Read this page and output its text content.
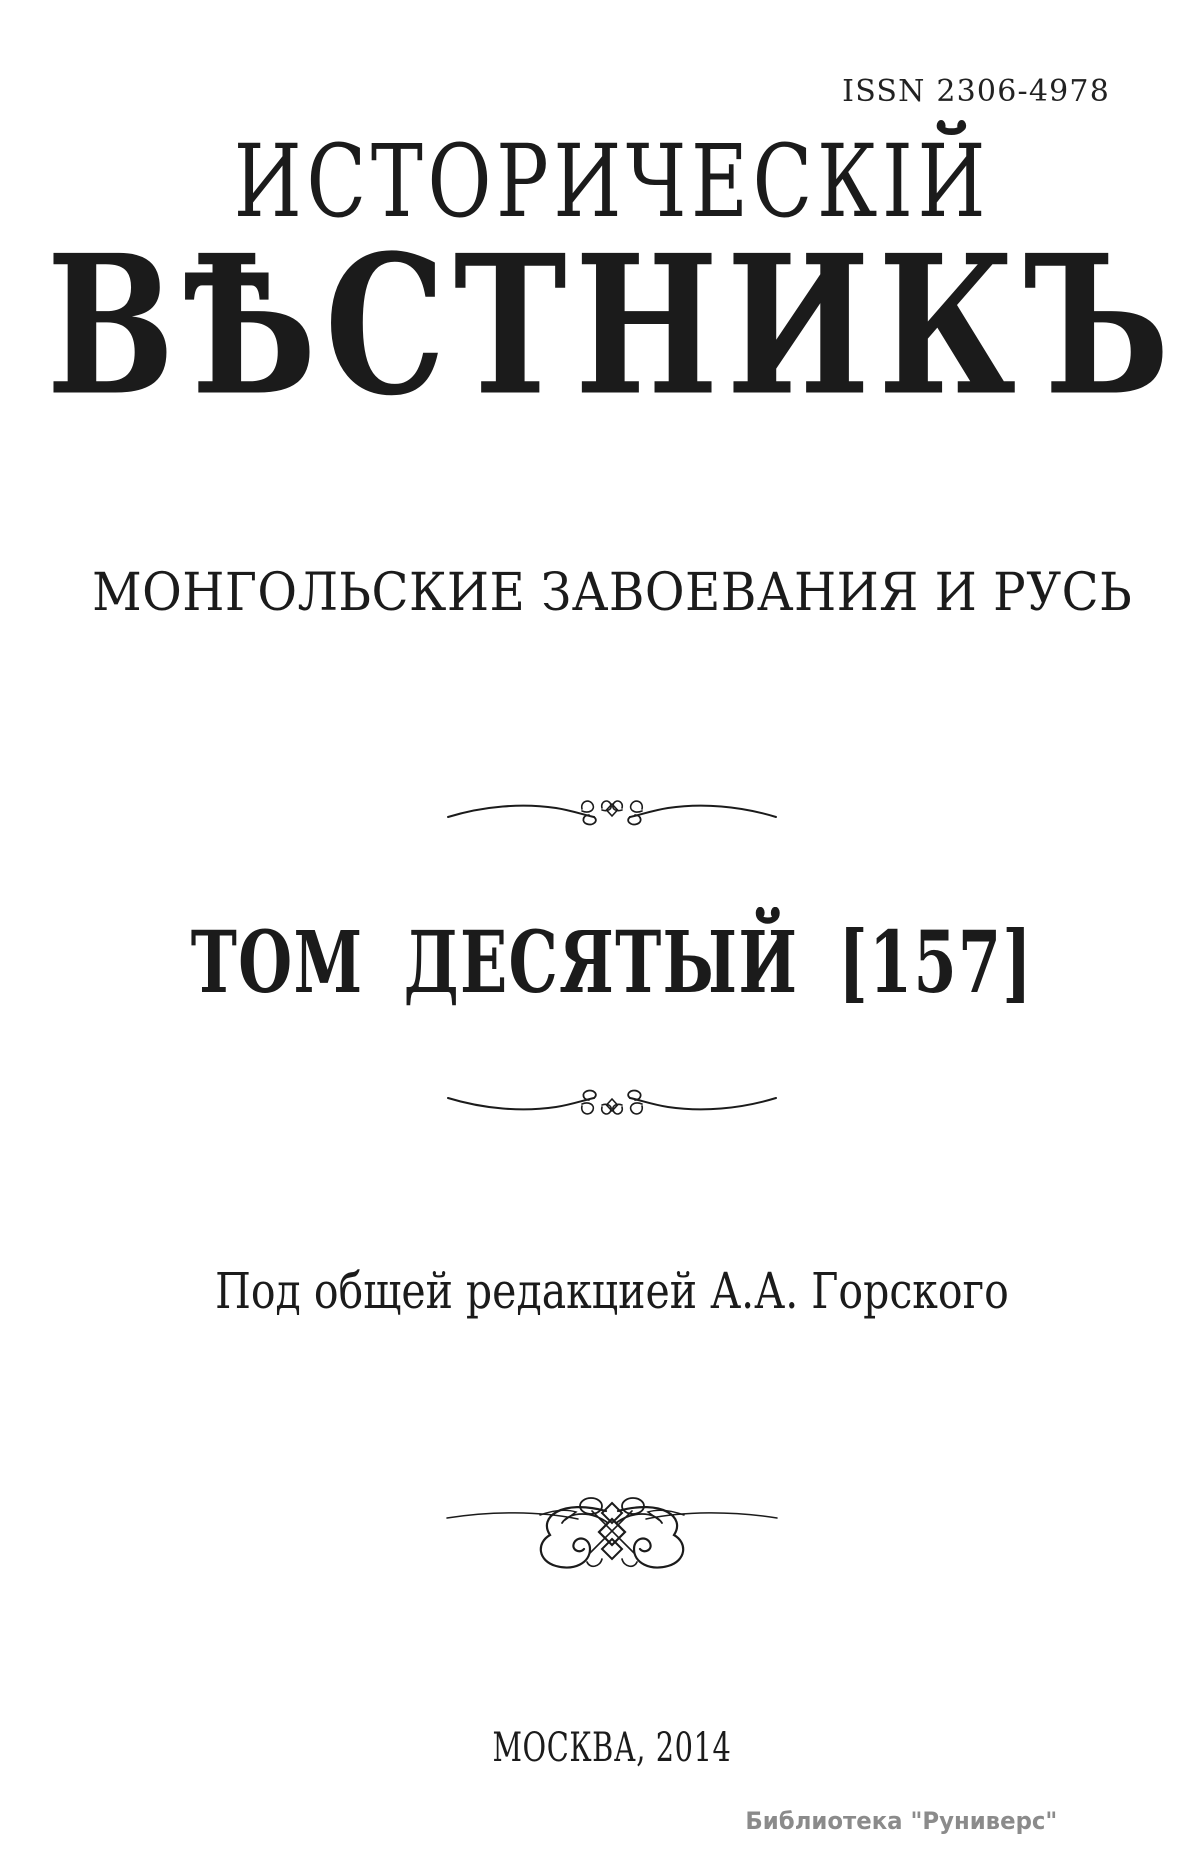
ISSN 2306-4978
ИСТОРИЧЕСКІЙ
ВѢСТНИКЪ
МОНГОЛЬСКИЕ ЗАВОЕВАНИЯ И РУСЬ
ТОМ ДЕСЯТЫЙ [157]
Под общей редакцией А.А. Горского
МОСКВА, 2014
Библиотека "Руниверс"
